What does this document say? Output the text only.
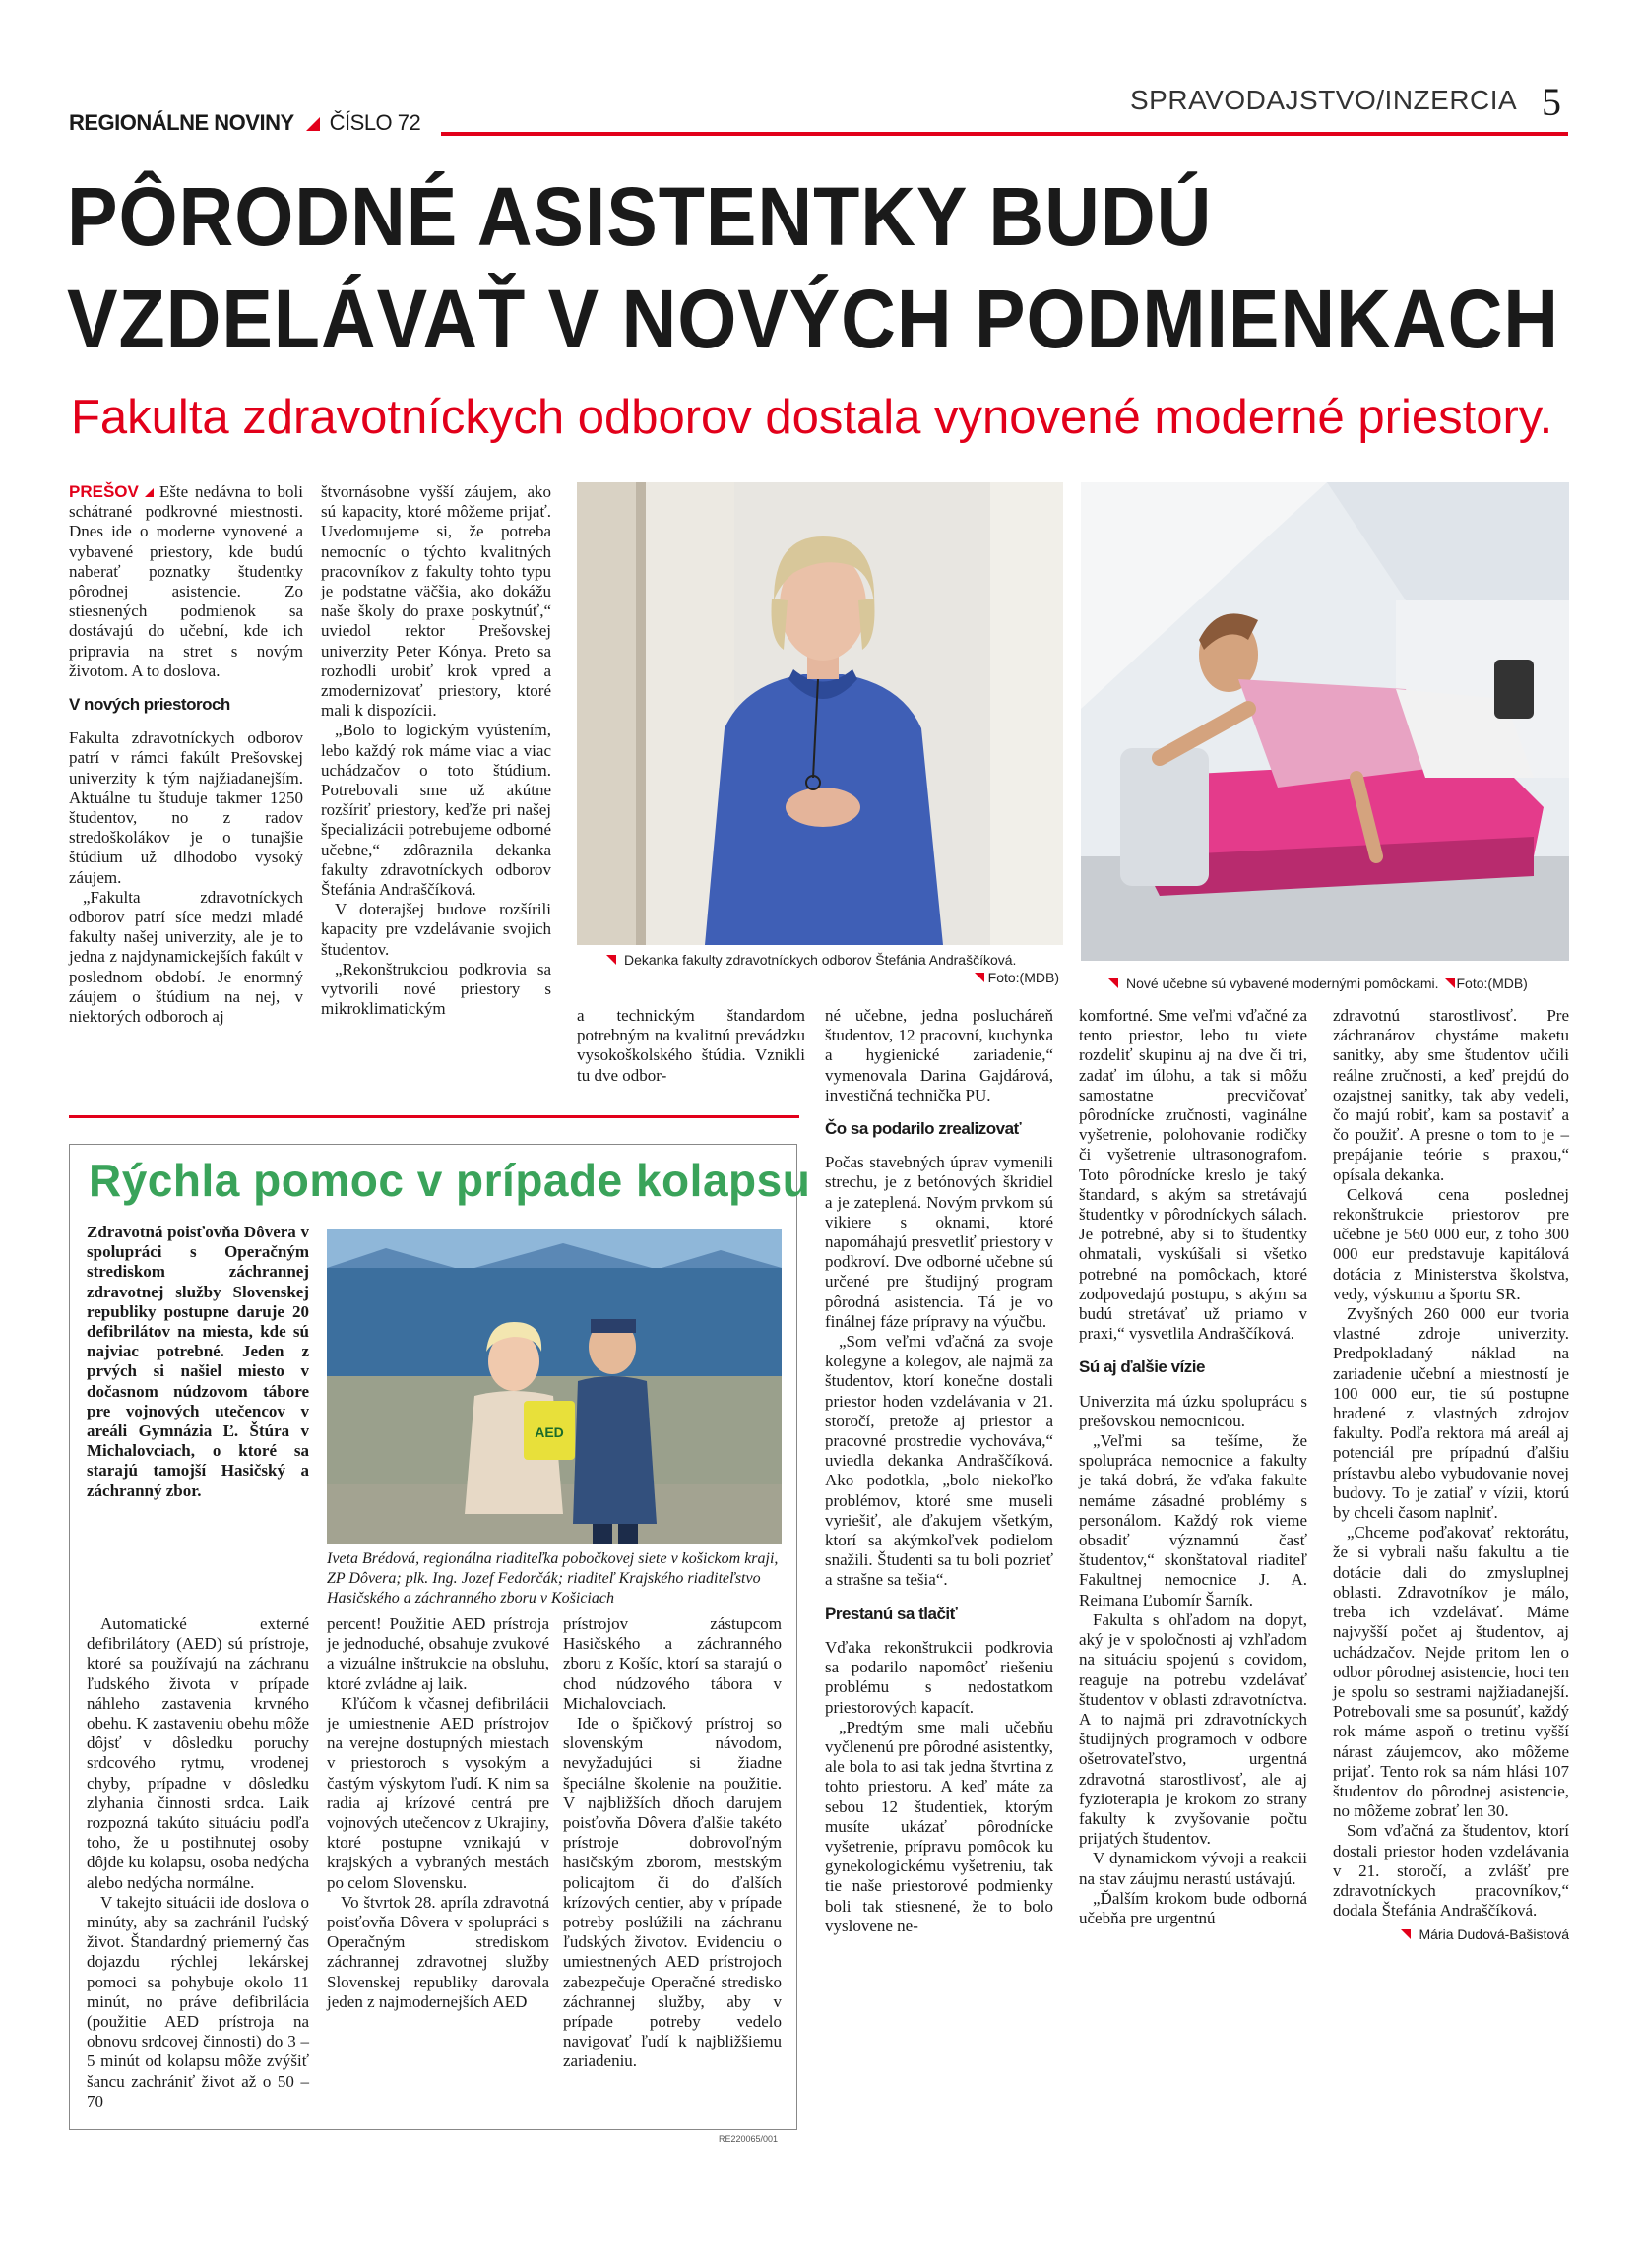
REGIONÁLNE NOVINY ČÍSLO 72
SPRAVODAJSTVO/INZERCIA 5
PÔRODNÉ ASISTENTKY BUDÚ
VZDELÁVAŤ V NOVÝCH PODMIENKACH
Fakulta zdravotníckych odborov dostala vynovené moderné priestory.

PREŠOV Ešte nedávna to boli schátrané podkrovné miestnosti. Dnes ide o moderne vynovené a vybavené priestory, kde budú naberať poznatky študentky pôrodnej asistencie. Zo stiesnených podmienok sa dostávajú do učební, kde ich pripravia na stret s novým životom. A to doslova.

V nových priestoroch

Fakulta zdravotníckych odborov patrí v rámci fakúlt Prešovskej univerzity k tým najžiadanejším. Aktuálne tu študuje takmer 1250 študentov, no z radov stredoškolákov je o tunajšie štúdium už dlhodobo vysoký záujem.

„Fakulta zdravotníckych odborov patrí síce medzi mladé fakulty našej univerzity, ale je to jedna z najdynamickejších fakúlt v poslednom období. Je enormný záujem o štúdium na nej, v niektorých odboroch aj

štvornásobne vyšší záujem, ako sú kapacity, ktoré môžeme prijať. Uvedomujeme si, že potreba nemocníc o týchto kvalitných pracovníkov z fakulty tohto typu je podstatne väčšia, ako dokážu naše školy do praxe poskytnúť,“ uviedol rektor Prešovskej univerzity Peter Kónya. Preto sa rozhodli urobiť krok vpred a zmodernizovať priestory, ktoré mali k dispozícii.

„Bolo to logickým vyústením, lebo každý rok máme viac a viac uchádzačov o toto štúdium. Potrebovali sme už akútne rozšíriť priestory, keďže pri našej špecializácii potrebujeme odborné učebne,“ zdôraznila dekanka fakulty zdravotníckych odborov Štefánia Andraščíková.

V doterajšej budove rozšírili kapacity pre vzdelávanie svojich študentov.

„Rekonštrukciou podkrovia sa vytvorili nové priestory s mikroklimatickým

Dekanka fakulty zdravotníckych odborov Štefánia Andraščíková.
Foto:(MDB)	Nové učebne sú vybavené modernými pomôckami. Foto:(MDB)

a technickým štandardom potrebným na kvalitnú prevádzku vysokoškolského štúdia. Vznikli tu dve odbor-

né učebne, jedna poslucháreň študentov, 12 pracovní, kuchynka a hygienické zariadenie,“ vymenovala Darina Gajdárová, investičná technička PU.

Čo sa podarilo zrealizovať

Počas stavebných úprav vymenili strechu, je z betónových škridiel a je zateplená. Novým prvkom sú vikiere s oknami, ktoré napomáhajú presvetliť priestory v podkroví. Dve odborné učebne sú určené pre študijný program pôrodná asistencia. Tá je vo finálnej fáze prípravy na výučbu.

„Som veľmi vďačná za svoje kolegyne a kolegov, ale najmä za študentov, ktorí konečne dostali priestor hoden vzdelávania v 21. storočí, pretože aj priestor a pracovné prostredie vychováva,“ uviedla dekanka Andraščíková. Ako podotkla, „bolo niekoľko problémov, ktoré sme museli vyriešiť, ale ďakujem všetkým, ktorí sa akýmkoľvek podielom snažili. Študenti sa tu boli pozrieť a strašne sa tešia“.

Prestanú sa tlačiť

Vďaka rekonštrukcii podkrovia sa podarilo napomôcť riešeniu problému s nedostatkom priestorových kapacít.

„Predtým sme mali učebňu vyčlenenú pre pôrodné asistentky, ale bola to asi tak jedna štvrtina z tohto priestoru. A keď máte za sebou 12 študentiek, ktorým musíte ukázať pôrodnícke vyšetrenie, prípravu pomôcok ku gynekologickému vyšetreniu, tak tie naše priestorové podmienky boli tak stiesnené, že to bolo vyslovene ne-

komfortné. Sme veľmi vďačné za tento priestor, lebo tu viete rozdeliť skupinu aj na dve či tri, zadať im úlohu, a tak si môžu samostatne precvičovať pôrodnícke zručnosti, vaginálne vyšetrenie, polohovanie rodičky či vyšetrenie ultrasonografom. Toto pôrodnícke kreslo je taký štandard, s akým sa stretávajú študentky v pôrodníckych sálach. Je potrebné, aby si to študentky ohmatali, vyskúšali si všetko potrebné na pomôckach, ktoré zodpovedajú postupu, s akým sa budú stretávať už priamo v praxi,“ vysvetlila Andraščíková.

Sú aj ďalšie vízie

Univerzita má úzku spoluprácu s prešovskou nemocnicou.

„Veľmi sa tešíme, že spolupráca nemocnice a fakulty je taká dobrá, že vďaka fakulte nemáme zásadné problémy s personálom. Každý rok vieme obsadiť významnú časť študentov,“ skonštatoval riaditeľ Fakultnej nemocnice J. A. Reimana Ľubomír Šarník.

Fakulta s ohľadom na dopyt, aký je v spoločnosti aj vzhľadom na situáciu spojenú s covidom, reaguje na potrebu vzdelávať študentov v oblasti zdravotníctva. A to najmä pri zdravotníckych študijných programoch v odbore ošetrovateľstvo, urgentná zdravotná starostlivosť, ale aj fyzioterapia je krokom zo strany fakulty k zvyšovanie počtu prijatých študentov.

V dynamickom vývoji a reakcii na stav záujmu nerastú ustávajú.

„Ďalším krokom bude odborná učebňa pre urgentnú

zdravotnú starostlivosť. Pre záchranárov chystáme maketu sanitky, aby sme študentov učili reálne zručnosti, a keď prejdú do ozajstnej sanitky, tak aby vedeli, čo majú robiť, kam sa postaviť a čo použiť. A presne o tom to je – prepájanie teórie s praxou,“ opísala dekanka.

Celková cena poslednej rekonštrukcie priestorov pre učebne je 560 000 eur, z toho 300 000 eur predstavuje kapitálová dotácia z Ministerstva školstva, vedy, výskumu a športu SR.

Zvyšných 260 000 eur tvoria vlastné zdroje univerzity. Predpokladaný náklad na zariadenie učební a miestností je 100 000 eur, tie sú postupne hradené z vlastných zdrojov fakulty. Podľa rektora má areál aj potenciál pre prípadnú ďalšiu prístavbu alebo vybudovanie novej budovy. To je zatiaľ v vízii, ktorú by chceli časom naplniť.

„Chceme poďakovať rektorátu, že si vybrali našu fakultu a tie dotácie dali do zmysluplnej oblasti. Zdravotníkov je málo, treba ich vzdelávať. Máme najvyšší počet aj študentov, aj uchádzačov. Nejde pritom len o odbor pôrodnej asistencie, hoci ten je spolu so sestrami najžiadanejší. Potrebovali sme sa posunúť, každý rok máme aspoň o tretinu vyšší nárast záujemcov, ako môžeme prijať. Tento rok sa nám hlási 107 študentov do pôrodnej asistencie, no môžeme zobrať len 30.

Som vďačná za študentov, ktorí dostali priestor hoden vzdelávania v 21. storočí, a zvlášť pre zdravotníckych pracovníkov,“ dodala Štefánia Andraščíková.

Mária Dudová-Bašistová
Rýchla pomoc v prípade kolapsu

Zdravotná poisťovňa Dôvera v spolupráci s Operačným strediskom záchrannej zdravotnej služby Slovenskej republiky postupne daruje 20 defibrilátov na miesta, kde sú najviac potrebné. Jeden z prvých si našiel miesto v dočasnom núdzovom tábore pre vojnových utečencov v areáli Gymnázia Ľ. Štúra v Michalovciach, o ktoré sa starajú tamojší Hasičský a záchranný zbor.

AED
Iveta Brédová, regionálna riaditeľka pobočkovej siete v košickom kraji, ZP Dôvera; plk. Ing. Jozef Fedorčák; riaditeľ Krajského riaditeľstvo Hasičského a záchranného zboru v Košiciach

Automatické externé defibrilátory (AED) sú prístroje, ktoré sa používajú na záchranu ľudského života v prípade náhleho zastavenia krvného obehu. K zastaveniu obehu môže dôjsť v dôsledku poruchy srdcového rytmu, vrodenej chyby, prípadne v dôsledku zlyhania činnosti srdca. Laik rozpozná takúto situáciu podľa toho, že u postihnutej osoby dôjde ku kolapsu, osoba nedýcha alebo nedýcha normálne.

V takejto situácii ide doslova o minúty, aby sa zachránil ľudský život. Štandardný priemerný čas dojazdu rýchlej lekárskej pomoci sa pohybuje okolo 11 minút, no práve defibrilácia (použitie AED prístroja na obnovu srdcovej činnosti) do 3 – 5 minút od kolapsu môže zvýšiť šancu zachrániť život až o 50 – 70

percent! Použitie AED prístroja je jednoduché, obsahuje zvukové a vizuálne inštrukcie na obsluhu, ktoré zvládne aj laik.

Kľúčom k včasnej defibrilácii je umiestnenie AED prístrojov na verejne dostupných miestach v priestoroch s vysokým a častým výskytom ľudí. K nim sa radia aj krízové centrá pre vojnových utečencov z Ukrajiny, ktoré postupne vznikajú v krajských a vybraných mestách po celom Slovensku.

Vo štvrtok 28. apríla zdravotná poisťovňa Dôvera v spolupráci s Operačným strediskom záchrannej zdravotnej služby Slovenskej republiky darovala jeden z najmodernejších AED

prístrojov zástupcom Hasičského a záchranného zboru z Košíc, ktorí sa starajú o chod núdzového tábora v Michalovciach.

Ide o špičkový prístroj so slovenským návodom, nevyžadujúci si žiadne špeciálne školenie na použitie. V najbližších dňoch darujem poisťovňa Dôvera ďalšie takéto prístroje dobrovoľným hasičským zborom, mestským policajtom či do ďalších krízových centier, aby v prípade potreby poslúžili na záchranu ľudských životov. Evidenciu o umiestnených AED prístrojoch zabezpečuje Operačné stredisko záchrannej služby, aby v prípade potreby vedelo navigovať ľudí k najbližšiemu zariadeniu.

RE220065/001
